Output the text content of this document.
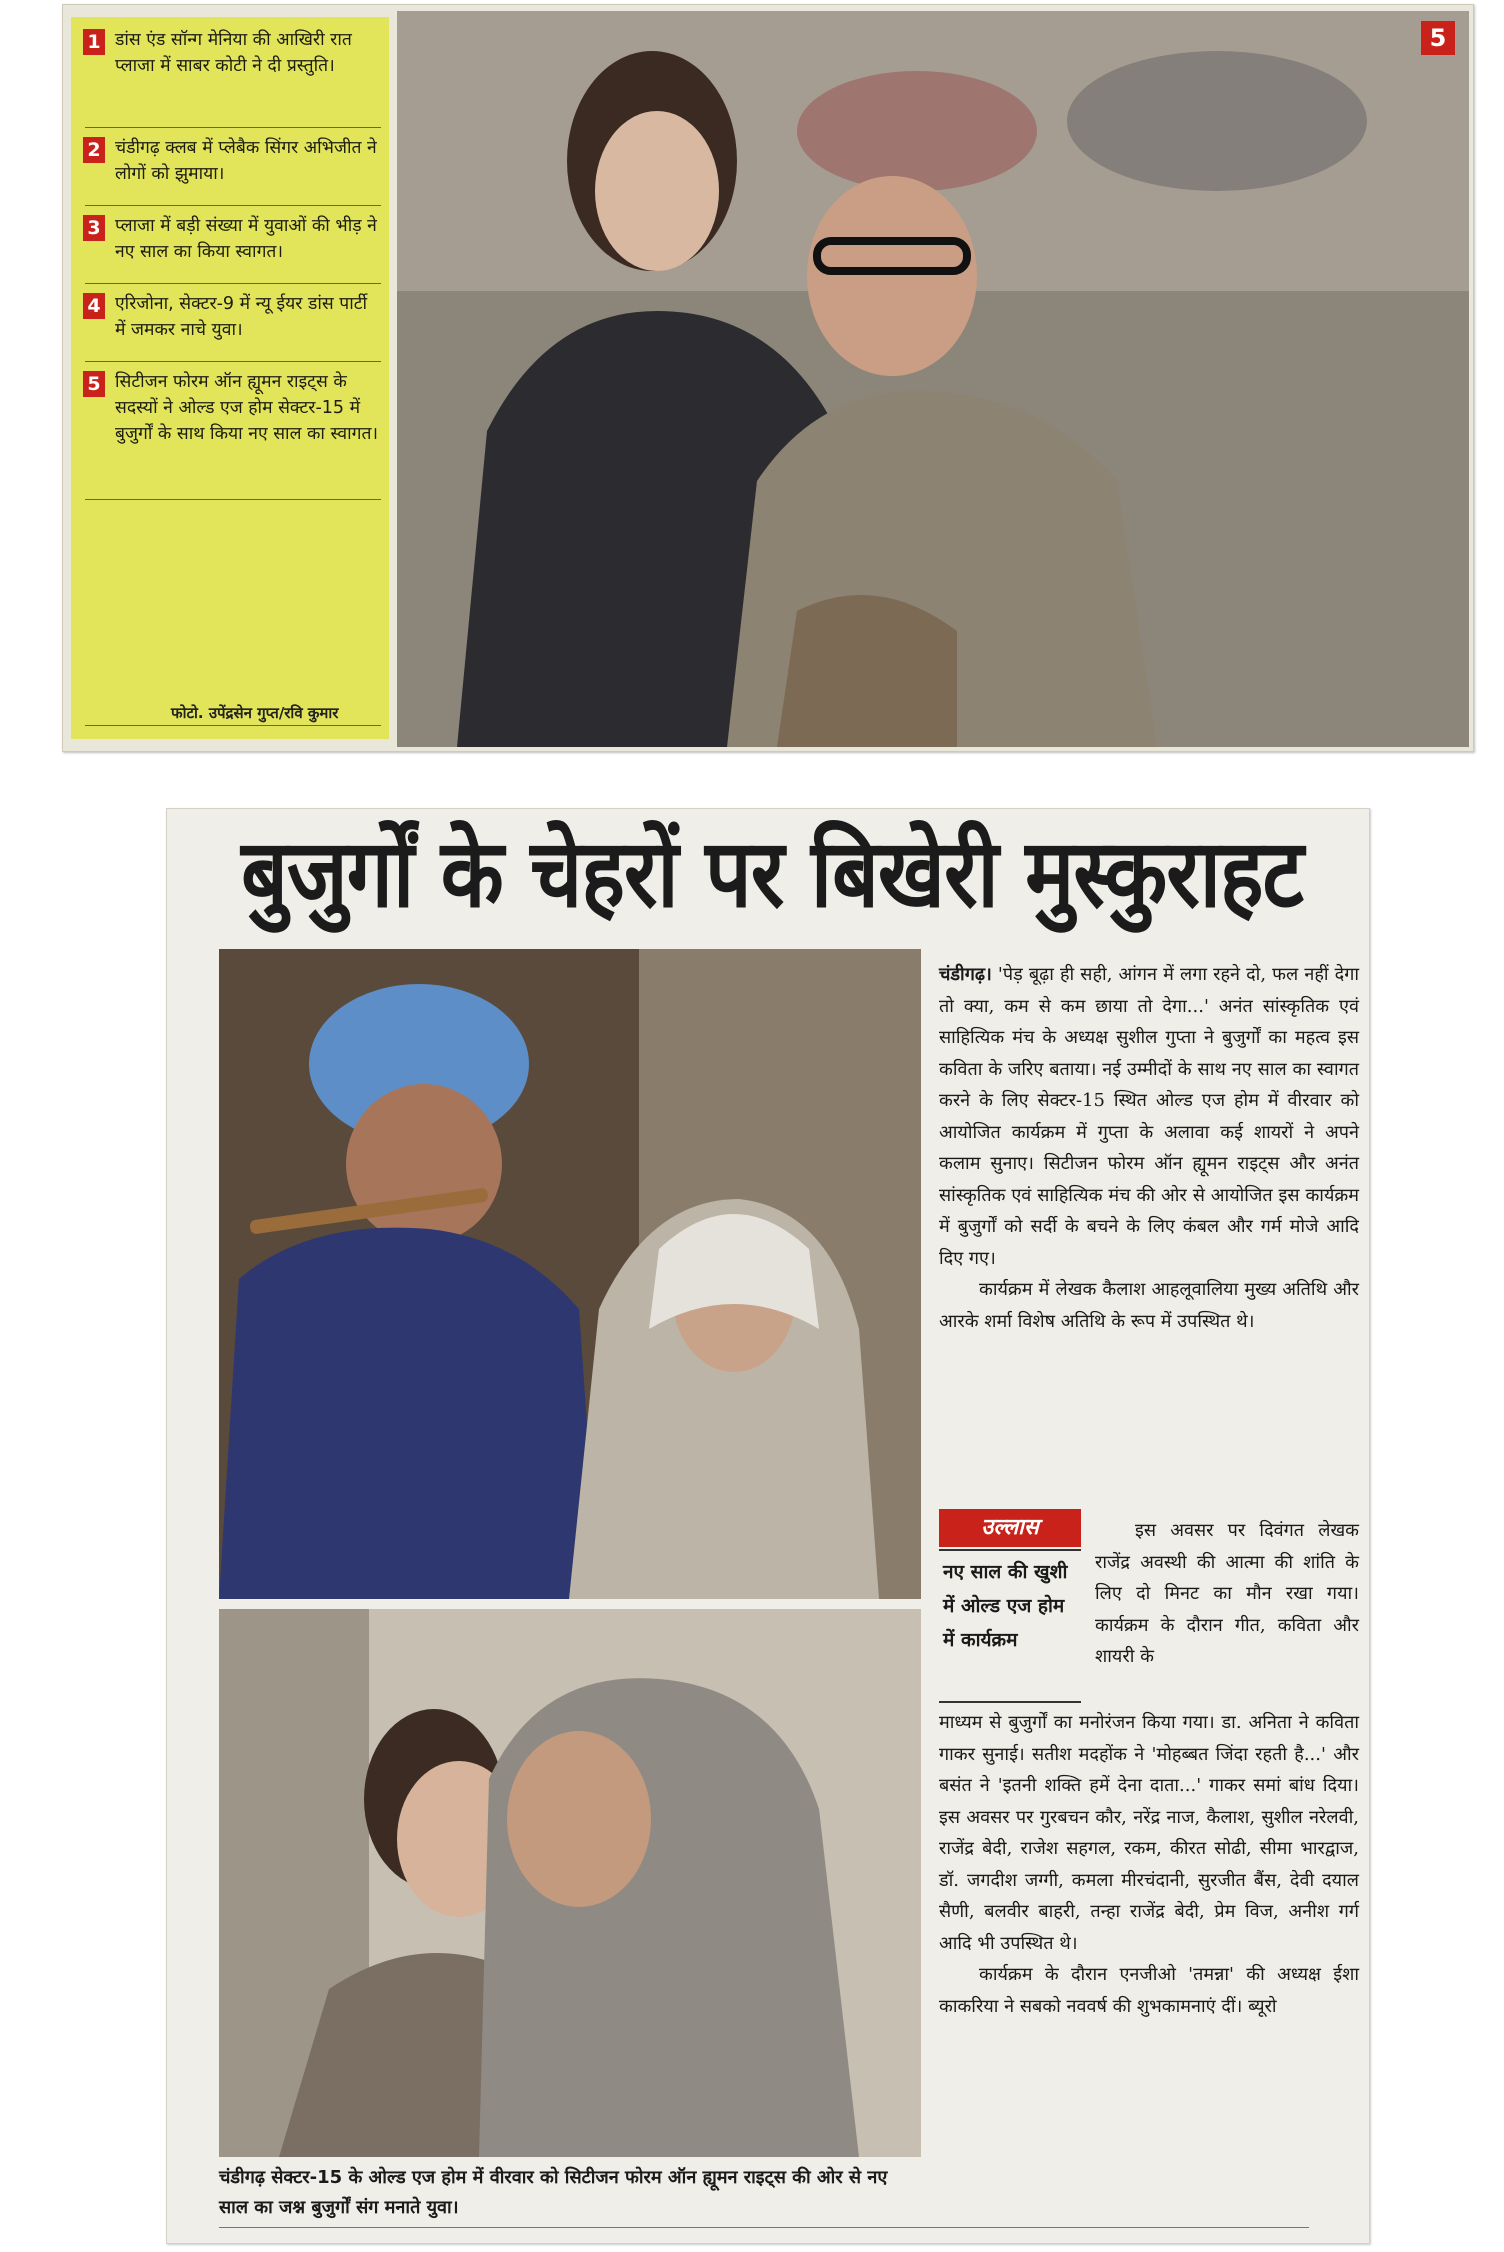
1 डांस एंड सॉन्ग मेनिया की आखिरी रात प्लाजा में साबर कोटी ने दी प्रस्तुति।
2 चंडीगढ़ क्लब में प्लेबैक सिंगर अभिजीत ने लोगों को झुमाया।
3 प्लाजा में बड़ी संख्या में युवाओं की भीड़ ने नए साल का किया स्वागत।
4 एरिजोना, सेक्टर-9 में न्यू ईयर डांस पार्टी में जमकर नाचे युवा।
5 सिटीजन फोरम ऑन ह्यूमन राइट्स के सदस्यों ने ओल्ड एज होम सेक्टर-15 में बुजुर्गों के साथ किया नए साल का स्वागत।
फोटो. उपेंद्रसेन गुप्त/रवि कुमार
5
बुजुर्गों के चेहरों पर बिखेरी मुस्कुराहट
चंडीगढ़ सेक्टर-15 के ओल्ड एज होम में वीरवार को सिटीजन फोरम ऑन ह्यूमन राइट्स की ओर से नए साल का जश्न बुजुर्गों संग मनाते युवा।

चंडीगढ़। 'पेड़ बूढ़ा ही सही, आंगन में लगा रहने दो, फल नहीं देगा तो क्या, कम से कम छाया तो देगा...' अनंत सांस्कृतिक एवं साहित्यिक मंच के अध्यक्ष सुशील गुप्ता ने बुजुर्गों का महत्व इस कविता के जरिए बताया। नई उम्मीदों के साथ नए साल का स्वागत करने के लिए सेक्टर-15 स्थित ओल्ड एज होम में वीरवार को आयोजित कार्यक्रम में गुप्ता के अलावा कई शायरों ने अपने कलाम सुनाए। सिटीजन फोरम ऑन ह्यूमन राइट्स और अनंत सांस्कृतिक एवं साहित्यिक मंच की ओर से आयोजित इस कार्यक्रम में बुजुर्गों को सर्दी के बचने के लिए कंबल और गर्म मोजे आदि दिए गए।

कार्यक्रम में लेखक कैलाश आहलूवालिया मुख्य अतिथि और आरके शर्मा विशेष अतिथि के रूप में उपस्थित थे।

उल्लास
नए साल की खुशी में ओल्ड एज होम में कार्यक्रम

इस अवसर पर दिवंगत लेखक राजेंद्र अवस्थी की आत्मा की शांति के लिए दो मिनट का मौन रखा गया। कार्यक्रम के दौरान गीत, कविता और शायरी के

माध्यम से बुजुर्गों का मनोरंजन किया गया। डा. अनिता ने कविता गाकर सुनाई। सतीश मदहोंक ने 'मोहब्बत जिंदा रहती है...' और बसंत ने 'इतनी शक्ति हमें देना दाता...' गाकर समां बांध दिया। इस अवसर पर गुरबचन कौर, नरेंद्र नाज, कैलाश, सुशील नरेलवी, राजेंद्र बेदी, राजेश सहगल, रकम, कीरत सोढी, सीमा भारद्वाज, डॉ. जगदीश जग्गी, कमला मीरचंदानी, सुरजीत बैंस, देवी दयाल सैणी, बलवीर बाहरी, तन्हा राजेंद्र बेदी, प्रेम विज, अनीश गर्ग आदि भी उपस्थित थे।

कार्यक्रम के दौरान एनजीओ 'तमन्ना' की अध्यक्ष ईशा काकरिया ने सबको नववर्ष की शुभकामनाएं दीं। ब्यूरो
